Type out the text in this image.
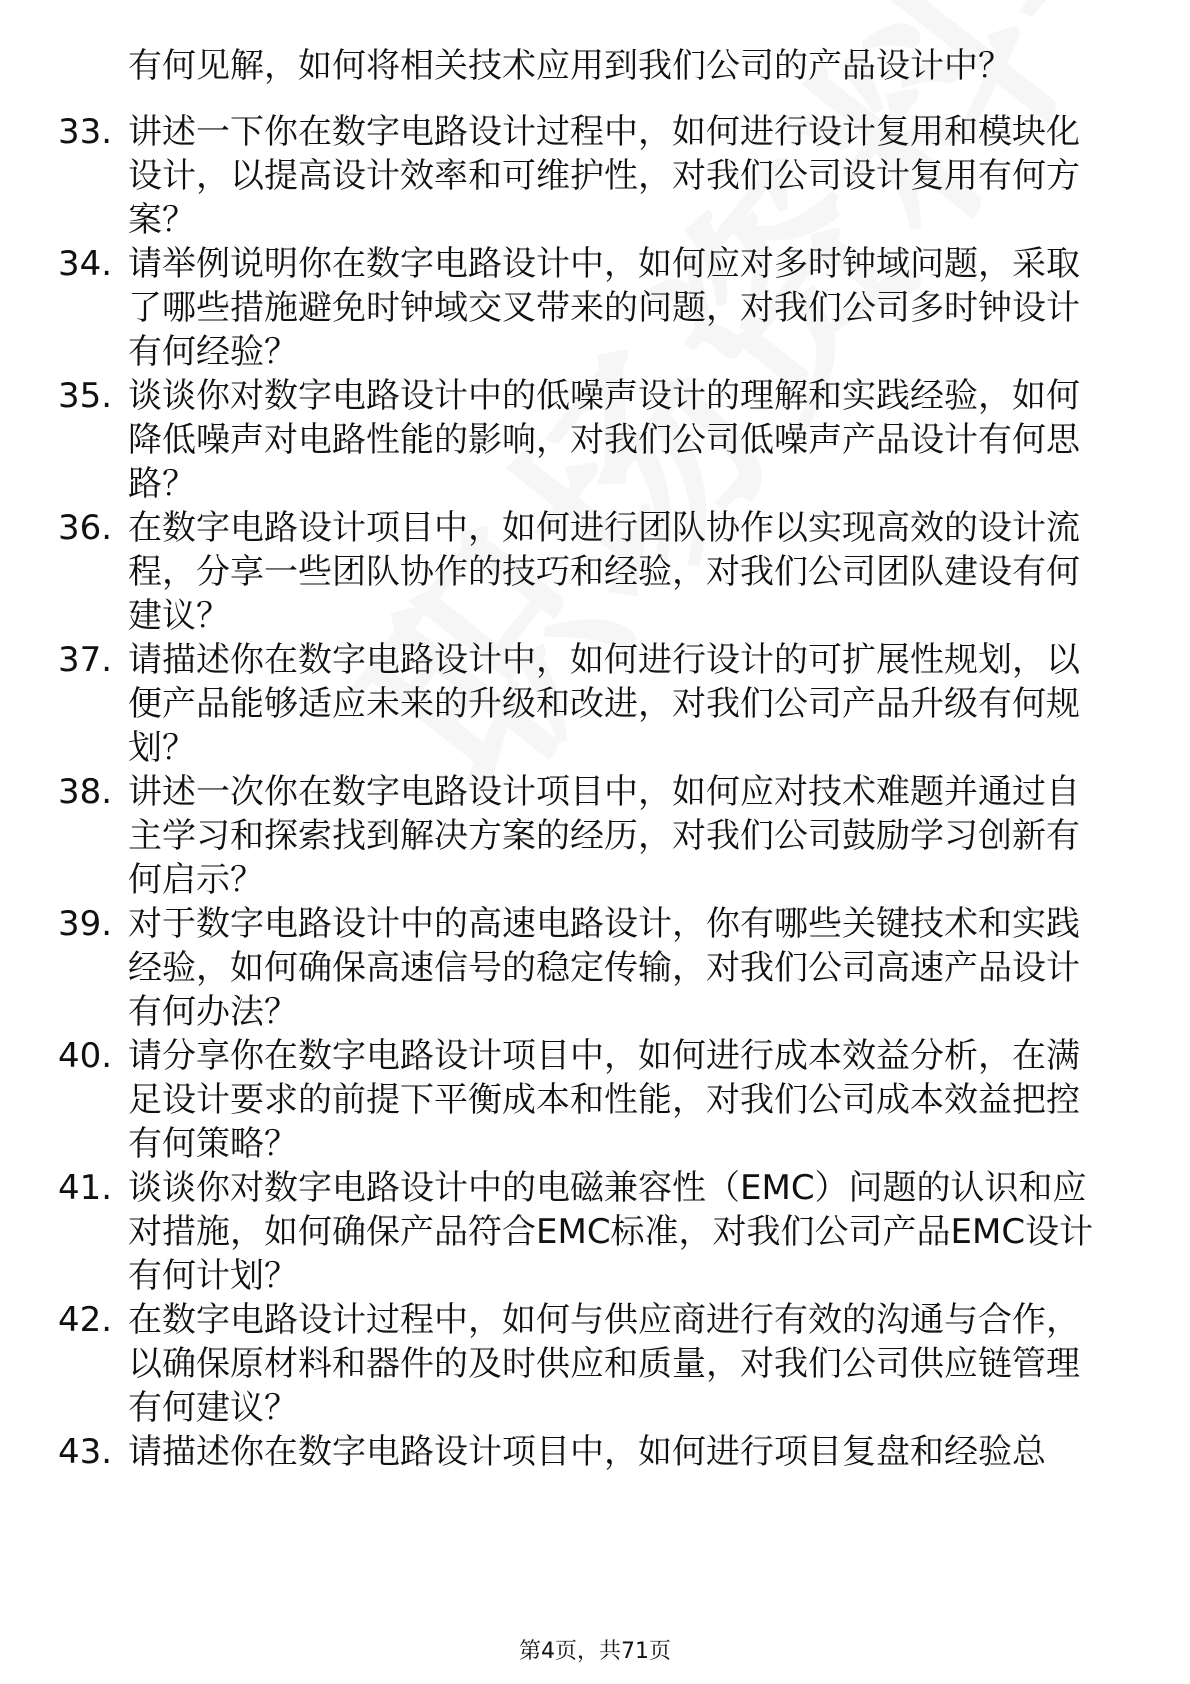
有何见解，如何将相关技术应用到我们公司的产品设计中？
33. 讲述一下你在数字电路设计过程中，如何进行设计复用和模块化
设计，以提高设计效率和可维护性，对我们公司设计复用有何方
案？
34. 请举例说明你在数字电路设计中，如何应对多时钟域问题，采取
了哪些措施避免时钟域交叉带来的问题，对我们公司多时钟设计
有何经验？
35. 谈谈你对数字电路设计中的低噪声设计的理解和实践经验，如何
降低噪声对电路性能的影响，对我们公司低噪声产品设计有何思
路？
36. 在数字电路设计项目中，如何进行团队协作以实现高效的设计流
程，分享一些团队协作的技巧和经验，对我们公司团队建设有何
建议？
37. 请描述你在数字电路设计中，如何进行设计的可扩展性规划，以
便产品能够适应未来的升级和改进，对我们公司产品升级有何规
划？
38. 讲述一次你在数字电路设计项目中，如何应对技术难题并通过自
主学习和探索找到解决方案的经历，对我们公司鼓励学习创新有
何启示？
39. 对于数字电路设计中的高速电路设计，你有哪些关键技术和实践
经验，如何确保高速信号的稳定传输，对我们公司高速产品设计
有何办法？
40. 请分享你在数字电路设计项目中，如何进行成本效益分析，在满
足设计要求的前提下平衡成本和性能，对我们公司成本效益把控
有何策略？
41. 谈谈你对数字电路设计中的电磁兼容性（EMC）问题的认识和应
对措施，如何确保产品符合EMC标准，对我们公司产品EMC设计
有何计划？
42. 在数字电路设计过程中，如何与供应商进行有效的沟通与合作，
以确保原材料和器件的及时供应和质量，对我们公司供应链管理
有何建议？
43. 请描述你在数字电路设计项目中，如何进行项目复盘和经验总
第4页，共71页
